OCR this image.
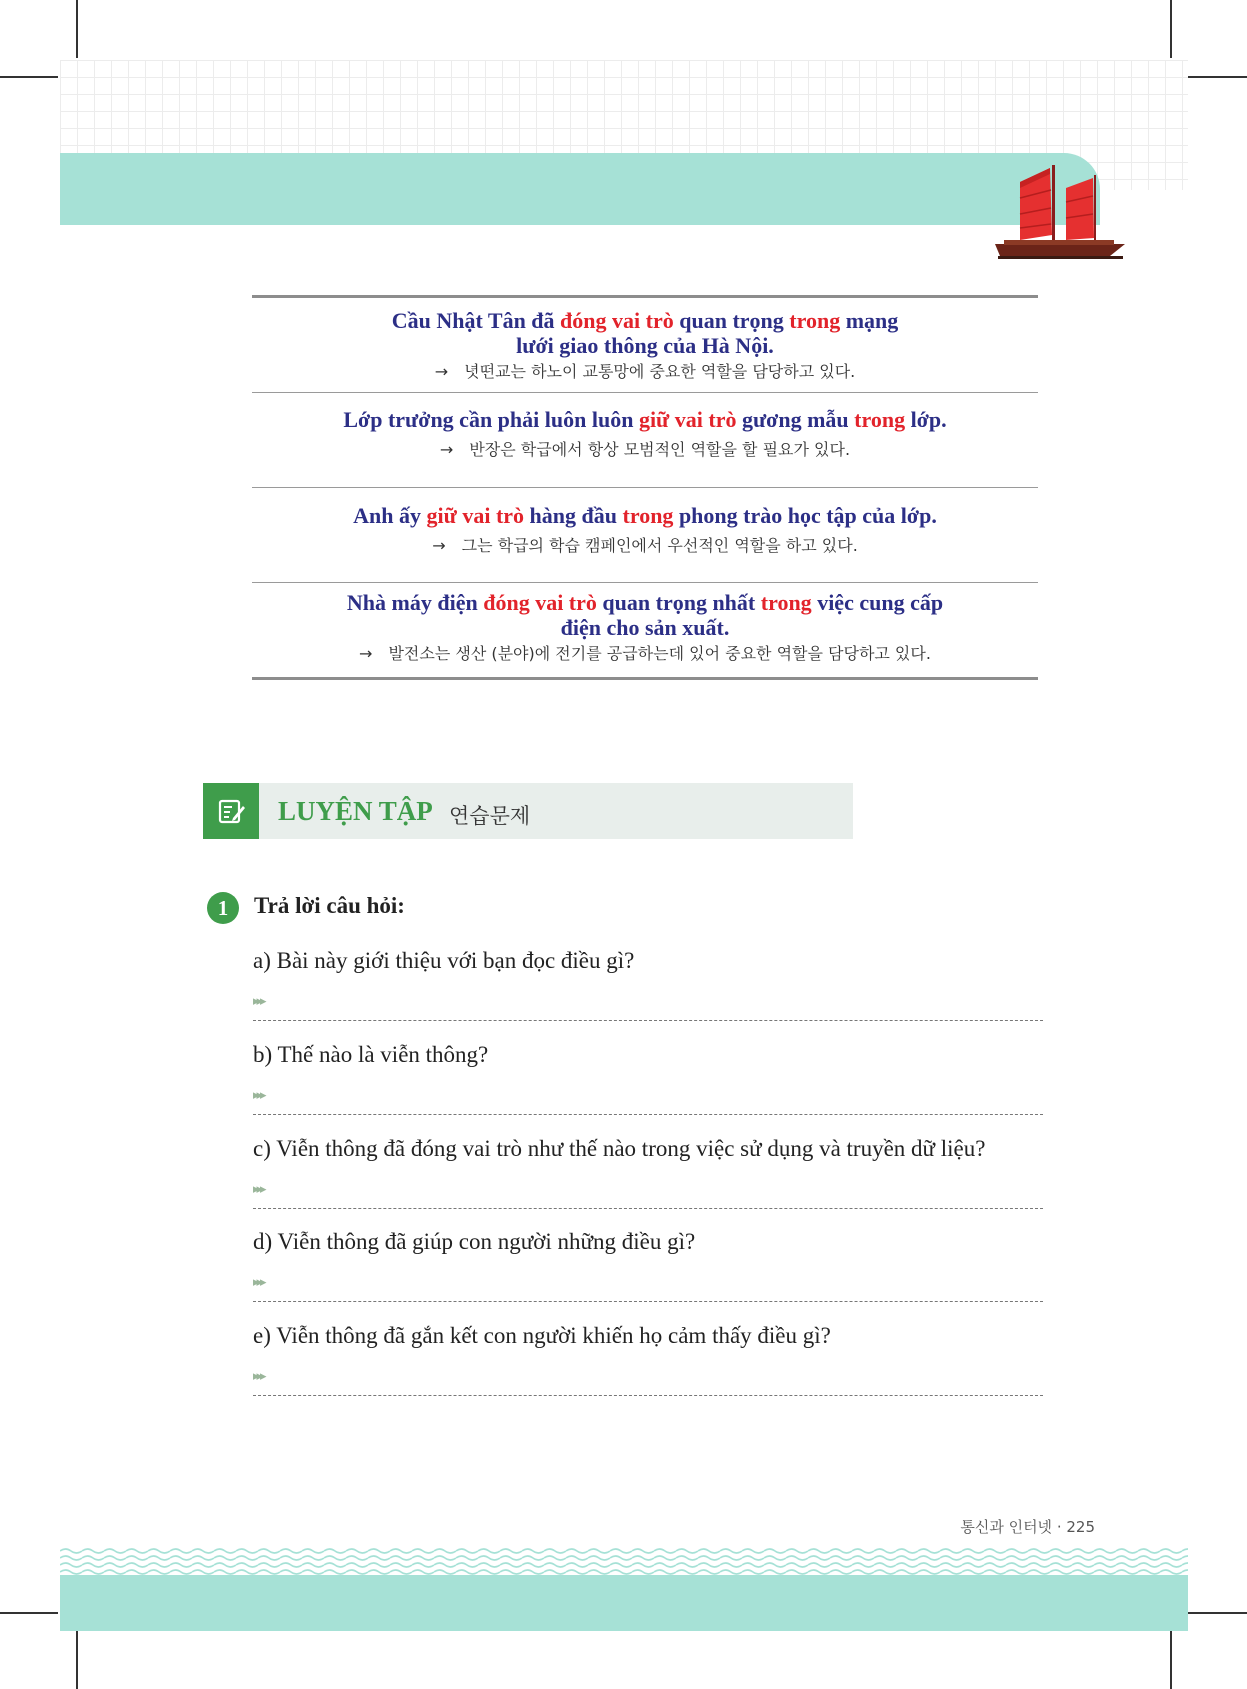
Cầu Nhật Tân đã đóng vai trò quan trọng trong mạng
lưới giao thông của Hà Nội.
→ 녓떤교는 하노이 교통망에 중요한 역할을 담당하고 있다.
Lớp trưởng cần phải luôn luôn giữ vai trò gương mẫu trong lớp.
→ 반장은 학급에서 항상 모범적인 역할을 할 필요가 있다.
Anh ấy giữ vai trò hàng đầu trong phong trào học tập của lớp.
→ 그는 학급의 학습 캠페인에서 우선적인 역할을 하고 있다.
Nhà máy điện đóng vai trò quan trọng nhất trong việc cung cấp
điện cho sản xuất.
→ 발전소는 생산 (분야)에 전기를 공급하는데 있어 중요한 역할을 담당하고 있다.
LUYỆN TẬP 연습문제
1	Trả lời câu hỏi:
a) Bài này giới thiệu với bạn đọc điều gì?
▸▸▸
b) Thế nào là viễn thông?
▸▸▸
c) Viễn thông đã đóng vai trò như thế nào trong việc sử dụng và truyền dữ liệu?
▸▸▸
d) Viễn thông đã giúp con người những điều gì?
▸▸▸
e) Viễn thông đã gắn kết con người khiến họ cảm thấy điều gì?
▸▸▸
통신과 인터넷 · 225
